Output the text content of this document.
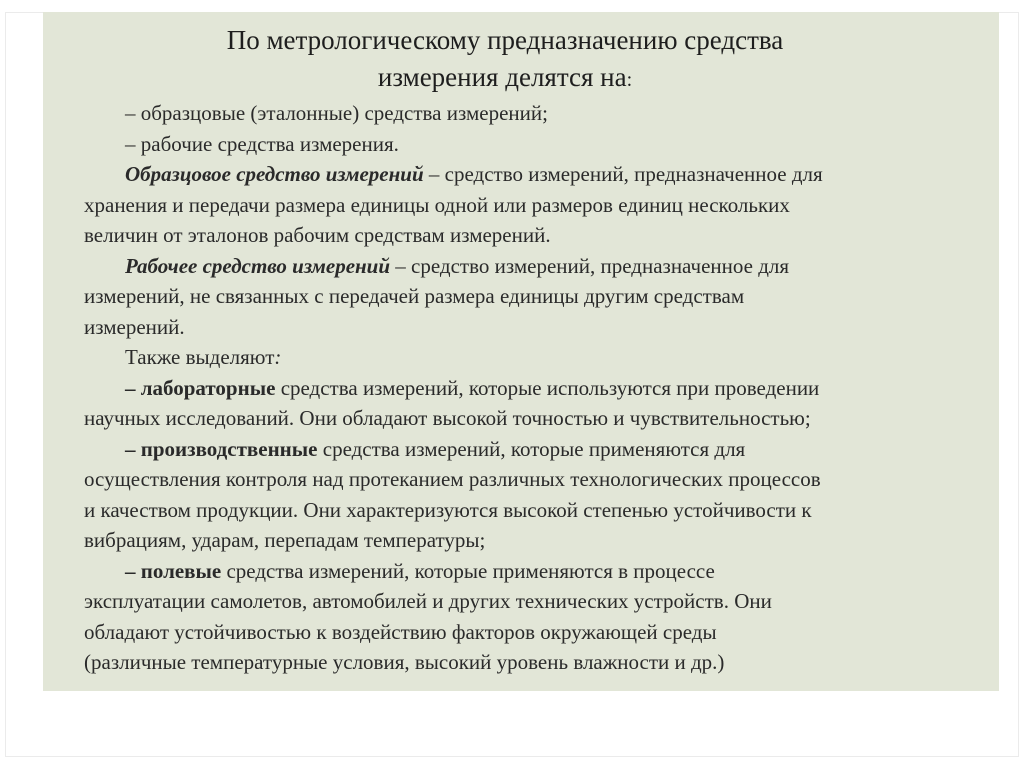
По метрологическому предназначению средства
измерения делятся на:

– образцовые (эталонные) средства измерений;

– рабочие средства измерения.

Образцовое средство измерений – средство измерений, предназначенное для

хранения и передачи размера единицы одной или размеров единиц нескольких

величин от эталонов рабочим средствам измерений.

Рабочее средство измерений – средство измерений, предназначенное для

измерений, не связанных с передачей размера единицы другим средствам

измерений.

Также выделяют:

– лабораторные средства измерений, которые используются при проведении

научных исследований. Они обладают высокой точностью и чувствительностью;

– производственные средства измерений, которые применяются для

осуществления контроля над протеканием различных технологических процессов

и качеством продукции. Они характеризуются высокой степенью устойчивости к

вибрациям, ударам, перепадам температуры;

– полевые средства измерений, которые применяются в процессе

эксплуатации самолетов, автомобилей и других технических устройств. Они

обладают устойчивостью к воздействию факторов окружающей среды

(различные температурные условия, высокий уровень влажности и др.)
